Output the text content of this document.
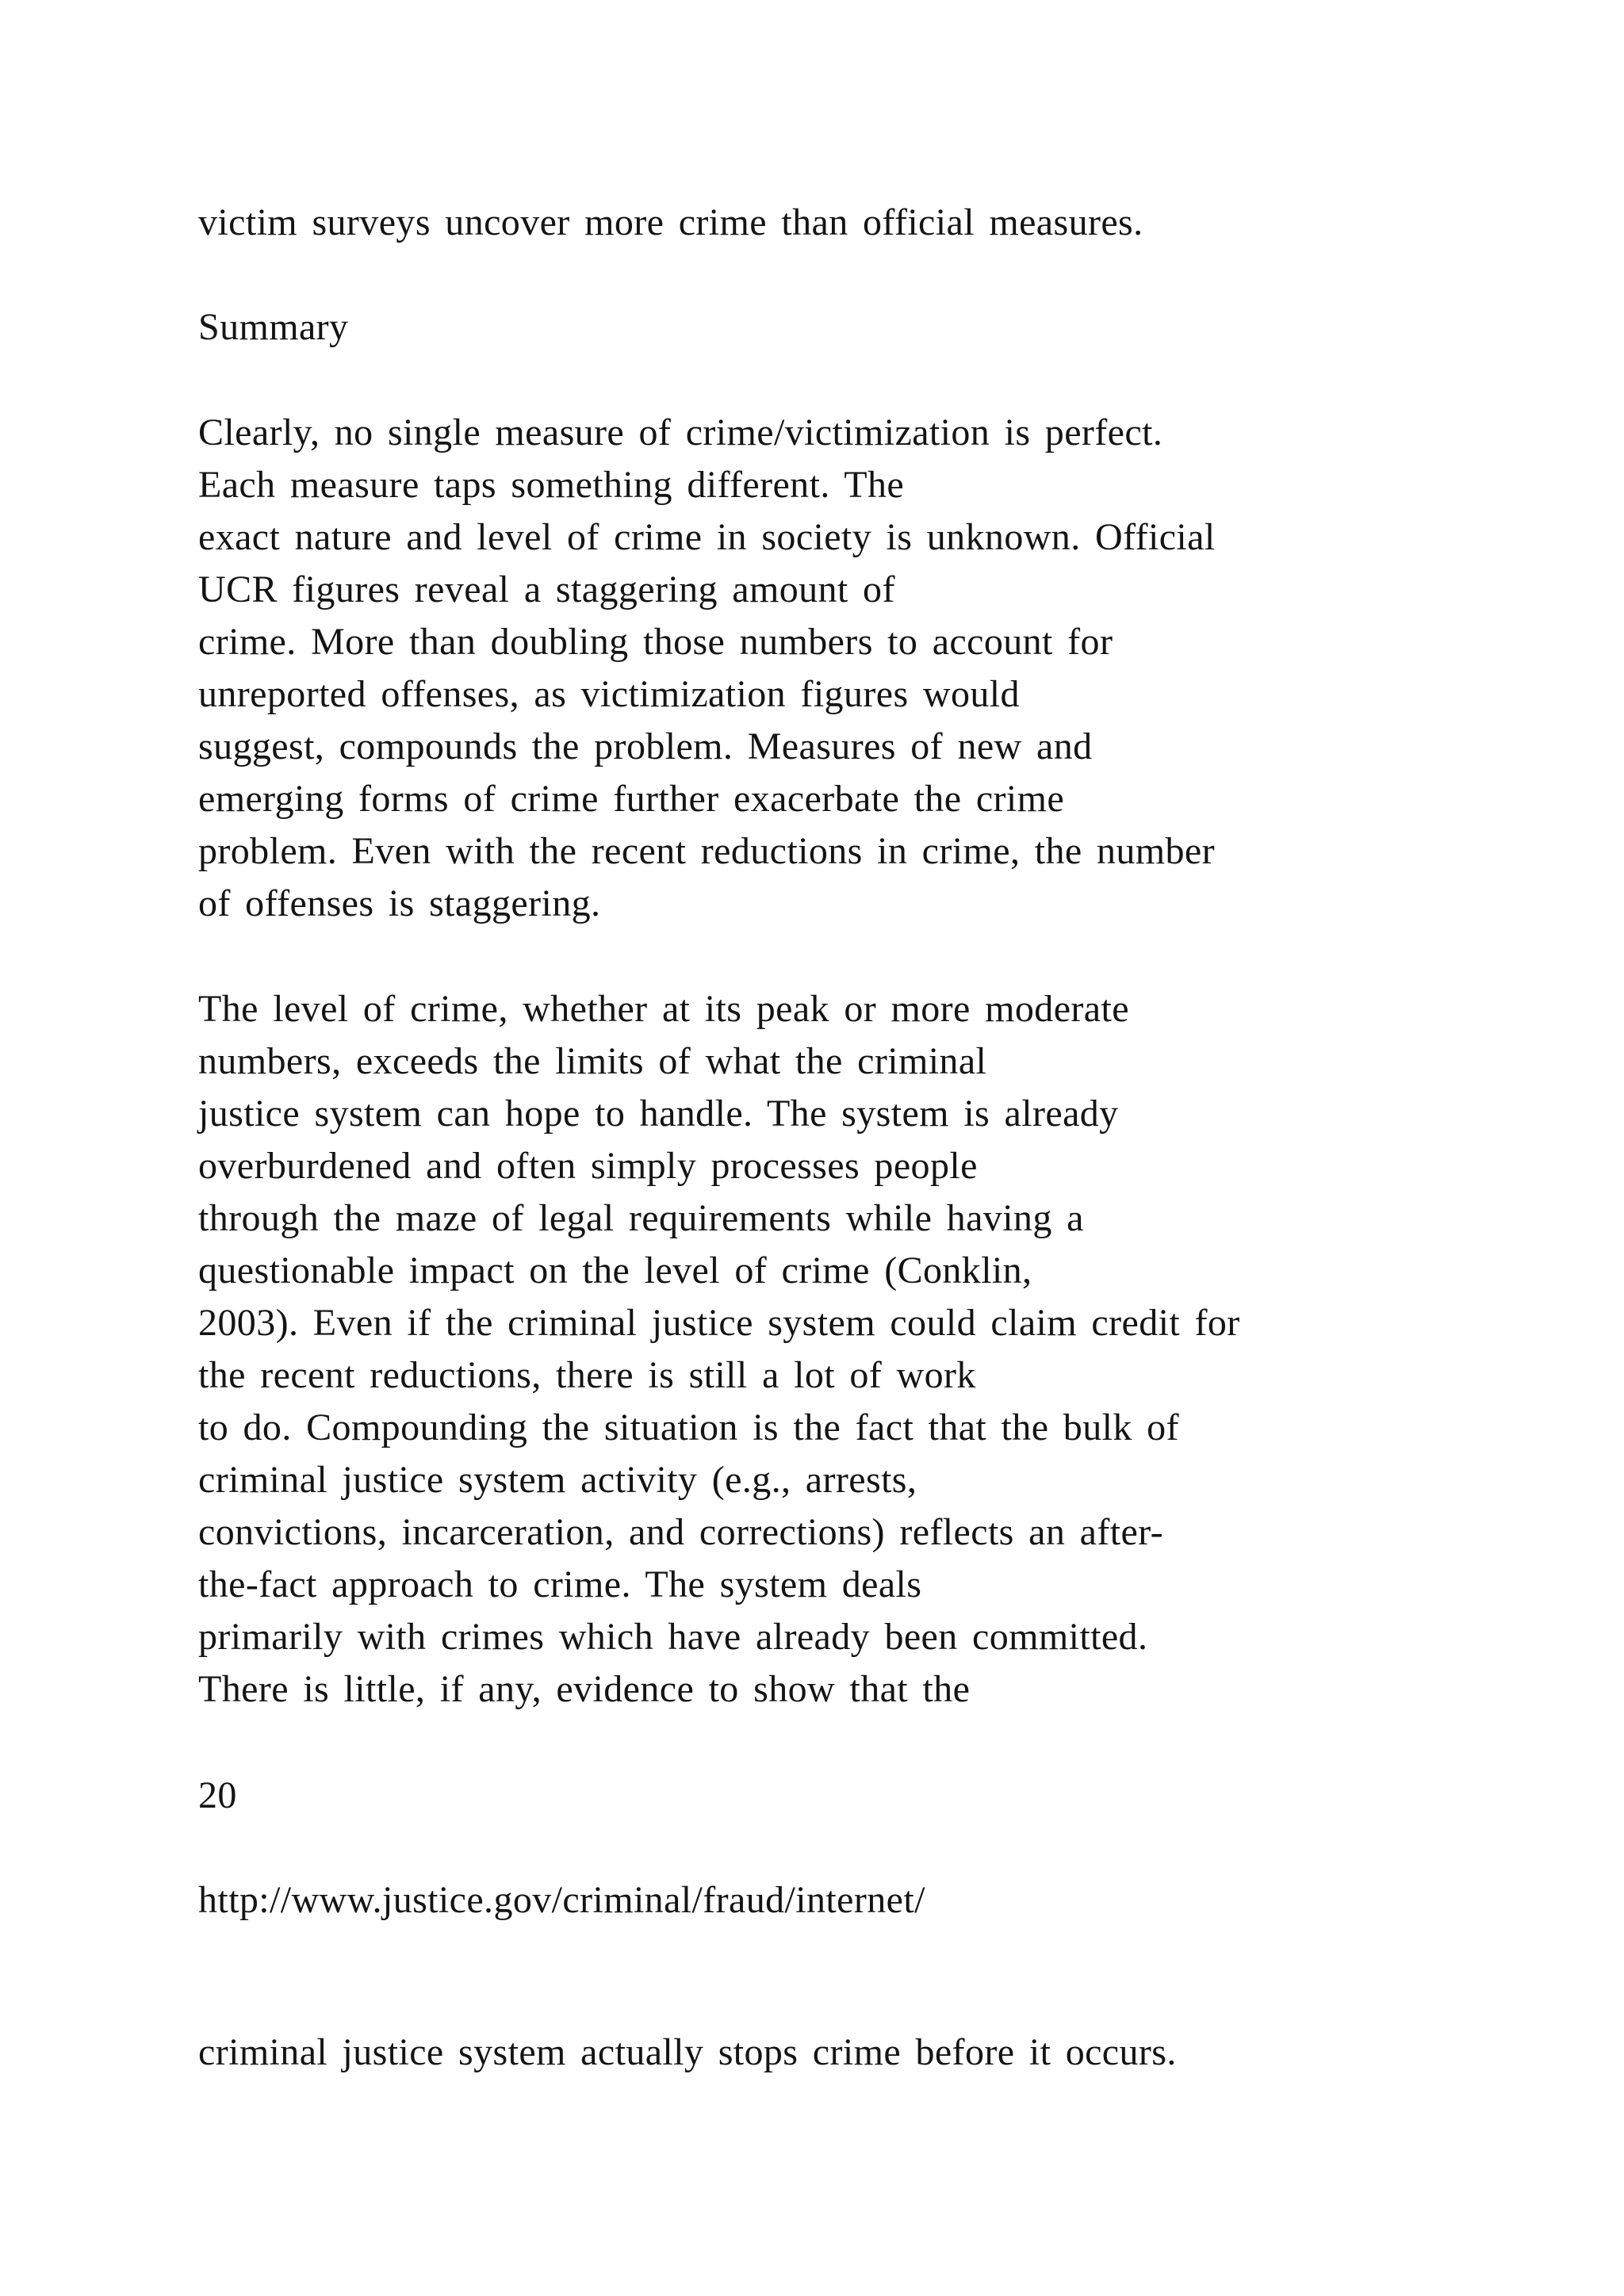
victim surveys uncover more crime than official measures.

Summary

Clearly, no single measure of crime/victimization is perfect.

Each measure taps something different. The

exact nature and level of crime in society is unknown. Official

UCR figures reveal a staggering amount of

crime. More than doubling those numbers to account for

unreported offenses, as victimization figures would

suggest, compounds the problem. Measures of new and

emerging forms of crime further exacerbate the crime

problem. Even with the recent reductions in crime, the number

of offenses is staggering.

The level of crime, whether at its peak or more moderate

numbers, exceeds the limits of what the criminal

justice system can hope to handle. The system is already

overburdened and often simply processes people

through the maze of legal requirements while having a

questionable impact on the level of crime (Conklin,

2003). Even if the criminal justice system could claim credit for

the recent reductions, there is still a lot of work

to do. Compounding the situation is the fact that the bulk of

criminal justice system activity (e.g., arrests,

convictions, incarceration, and corrections) reflects an after-

the-fact approach to crime. The system deals

primarily with crimes which have already been committed.

There is little, if any, evidence to show that the

20

http://www.justice.gov/criminal/fraud/internet/

criminal justice system actually stops crime before it occurs.
